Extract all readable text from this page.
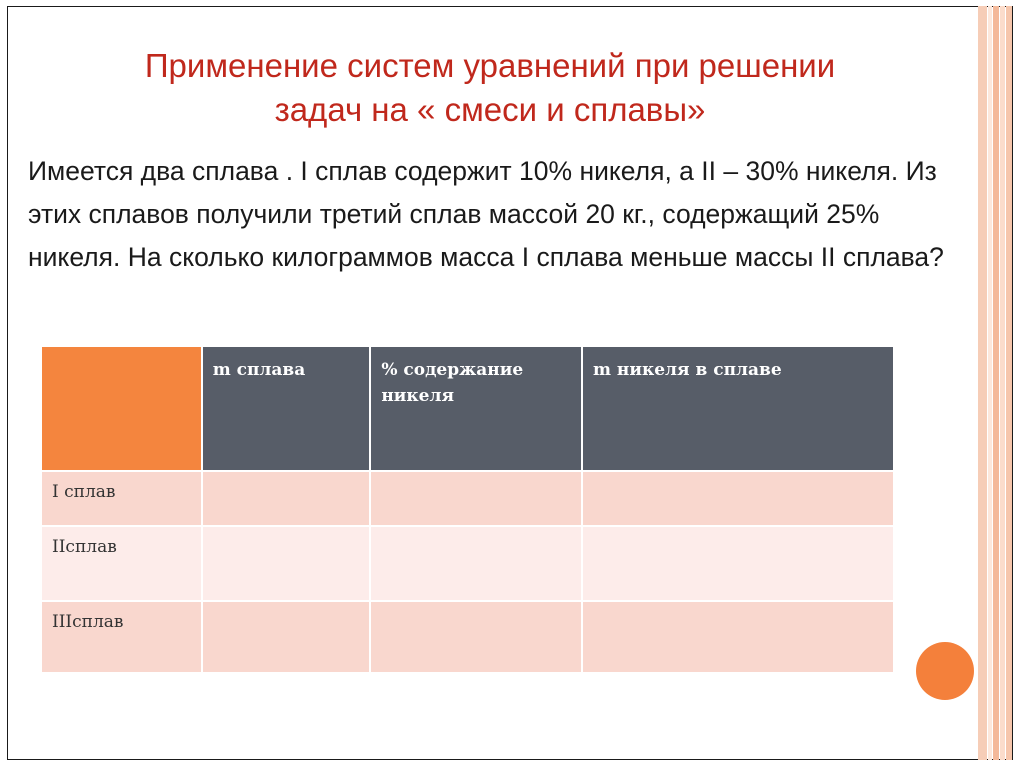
Применение систем уравнений при решении
задач на « смеси и сплавы»
Имеется два сплава . I сплав содержит 10% никеля, а II – 30% никеля. Из этих сплавов получили третий сплав массой 20 кг., содержащий 25% никеля. На сколько килограммов масса I сплава меньше массы II сплава?
	m сплава	% содержание никеля	m никеля в сплаве
I сплав			
IIсплав			
IIIсплав			
